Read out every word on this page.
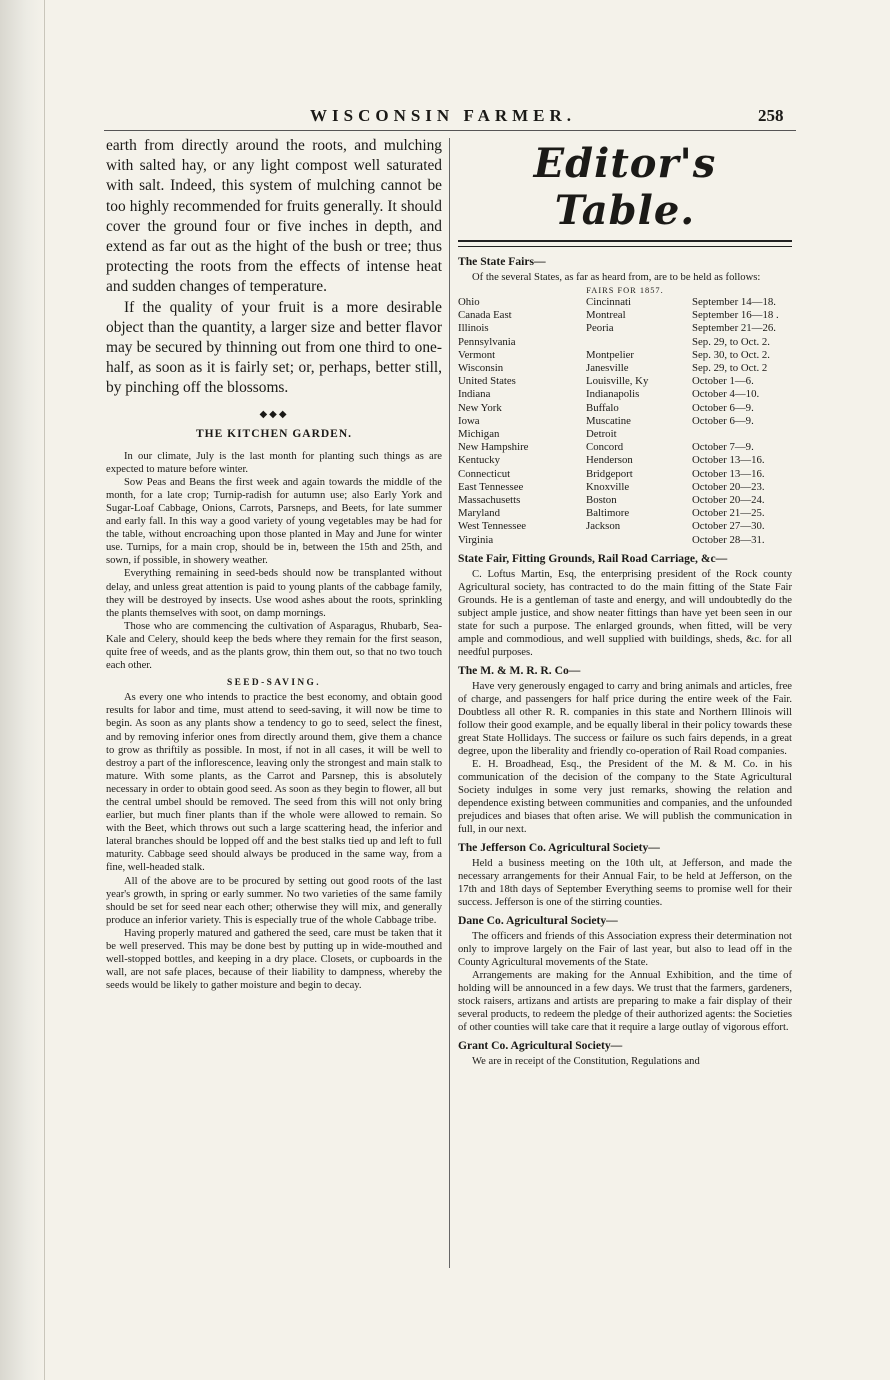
WISCONSIN FARMER.	258

earth from directly around the roots, and mulching with salted hay, or any light compost well saturated with salt. Indeed, this system of mulching cannot be too highly recommended for fruits generally. It should cover the ground four or five inches in depth, and extend as far out as the hight of the bush or tree; thus protecting the roots from the effects of intense heat and sudden changes of temperature.

If the quality of your fruit is a more desirable object than the quantity, a larger size and better flavor may be secured by thinning out from one third to one-half, as soon as it is fairly set; or, perhaps, better still, by pinching off the blossoms.

◆◆◆
THE KITCHEN GARDEN.

In our climate, July is the last month for planting such things as are expected to mature before winter.

Sow Peas and Beans the first week and again towards the middle of the month, for a late crop; Turnip-radish for autumn use; also Early York and Sugar-Loaf Cabbage, Onions, Carrots, Parsneps, and Beets, for late summer and early fall. In this way a good variety of young vegetables may be had for the table, without encroaching upon those planted in May and June for winter use. Turnips, for a main crop, should be in, between the 15th and 25th, and sown, if possible, in showery weather.

Everything remaining in seed-beds should now be transplanted without delay, and unless great attention is paid to young plants of the cabbage family, they will be destroyed by insects. Use wood ashes about the roots, sprinkling the plants themselves with soot, on damp mornings.

Those who are commencing the cultivation of Asparagus, Rhubarb, Sea-Kale and Celery, should keep the beds where they remain for the first season, quite free of weeds, and as the plants grow, thin them out, so that no two touch each other.

SEED-SAVING.

As every one who intends to practice the best economy, and obtain good results for labor and time, must attend to seed-saving, it will now be time to begin. As soon as any plants show a tendency to go to seed, select the finest, and by removing inferior ones from directly around them, give them a chance to grow as thriftily as possible. In most, if not in all cases, it will be well to destroy a part of the inflorescence, leaving only the strongest and main stalk to mature. With some plants, as the Carrot and Parsnep, this is absolutely necessary in order to obtain good seed. As soon as they begin to flower, all but the central umbel should be removed. The seed from this will not only bring earlier, but much finer plants than if the whole were allowed to remain. So with the Beet, which throws out such a large scattering head, the inferior and lateral branches should be lopped off and the best stalks tied up and left to full maturity. Cabbage seed should always be produced in the same way, from a fine, well-headed stalk.

All of the above are to be procured by setting out good roots of the last year's growth, in spring or early summer. No two varieties of the same family should be set for seed near each other; otherwise they will mix, and generally produce an inferior variety. This is especially true of the whole Cabbage tribe.

Having properly matured and gathered the seed, care must be taken that it be well preserved. This may be done best by putting up in wide-mouthed and well-stopped bottles, and keeping in a dry place. Closets, or cupboards in the wall, are not safe places, because of their liability to dampness, whereby the seeds would be likely to gather moisture and begin to decay.

Editor's Table.
The State Fairs—

Of the several States, as far as heard from, are to be held as follows:

FAIRS FOR 1857.
Ohio	Cincinnati	September 14—18.
Canada East	Montreal	September 16—18 .
Illinois	Peoria	September 21—26.
Pennsylvania		Sep. 29, to Oct. 2.
Vermont	Montpelier	Sep. 30, to Oct. 2.
Wisconsin	Janesville	Sep. 29, to Oct. 2
United States	Louisville, Ky	October 1—6.
Indiana	Indianapolis	October 4—10.
New York	Buffalo	October 6—9.
Iowa	Muscatine	October 6—9.
Michigan	Detroit	
New Hampshire	Concord	October 7—9.
Kentucky	Henderson	October 13—16.
Connecticut	Bridgeport	October 13—16.
East Tennessee	Knoxville	October 20—23.
Massachusetts	Boston	October 20—24.
Maryland	Baltimore	October 21—25.
West Tennessee	Jackson	October 27—30.
Virginia		October 28—31.
State Fair, Fitting Grounds, Rail Road Carriage, &c—

C. Loftus Martin, Esq, the enterprising president of the Rock county Agricultural society, has contracted to do the main fitting of the State Fair Grounds. He is a gentleman of taste and energy, and will undoubtedly do the subject ample justice, and show neater fittings than have yet been seen in our state for such a purpose. The enlarged grounds, when fitted, will be very ample and commodious, and well supplied with buildings, sheds, &c. for all needful purposes.

The M. & M. R. R. Co—

Have very generously engaged to carry and bring animals and articles, free of charge, and passengers for half price during the entire week of the Fair. Doubtless all other R. R. companies in this state and Northern Illinois will follow their good example, and be equally liberal in their policy towards these great State Hollidays. The success or failure os such fairs depends, in a great degree, upon the liberality and friendly co-operation of Rail Road companies.

E. H. Broadhead, Esq., the President of the M. & M. Co. in his communication of the decision of the company to the State Agricultural Society indulges in some very just remarks, showing the relation and dependence existing between communities and companies, and the unfounded prejudices and biases that often arise. We will publish the communication in full, in our next.

The Jefferson Co. Agricultural Society—

Held a business meeting on the 10th ult, at Jefferson, and made the necessary arrangements for their Annual Fair, to be held at Jefferson, on the 17th and 18th days of September Everything seems to promise well for their success. Jefferson is one of the stirring counties.

Dane Co. Agricultural Society—

The officers and friends of this Association express their determination not only to improve largely on the Fair of last year, but also to lead off in the County Agricultural movements of the State.

Arrangements are making for the Annual Exhibition, and the time of holding will be announced in a few days. We trust that the farmers, gardeners, stock raisers, artizans and artists are preparing to make a fair display of their several products, to redeem the pledge of their authorized agents: the Societies of other counties will take care that it require a large outlay of vigorous effort.

Grant Co. Agricultural Society—

We are in receipt of the Constitution, Regulations and
